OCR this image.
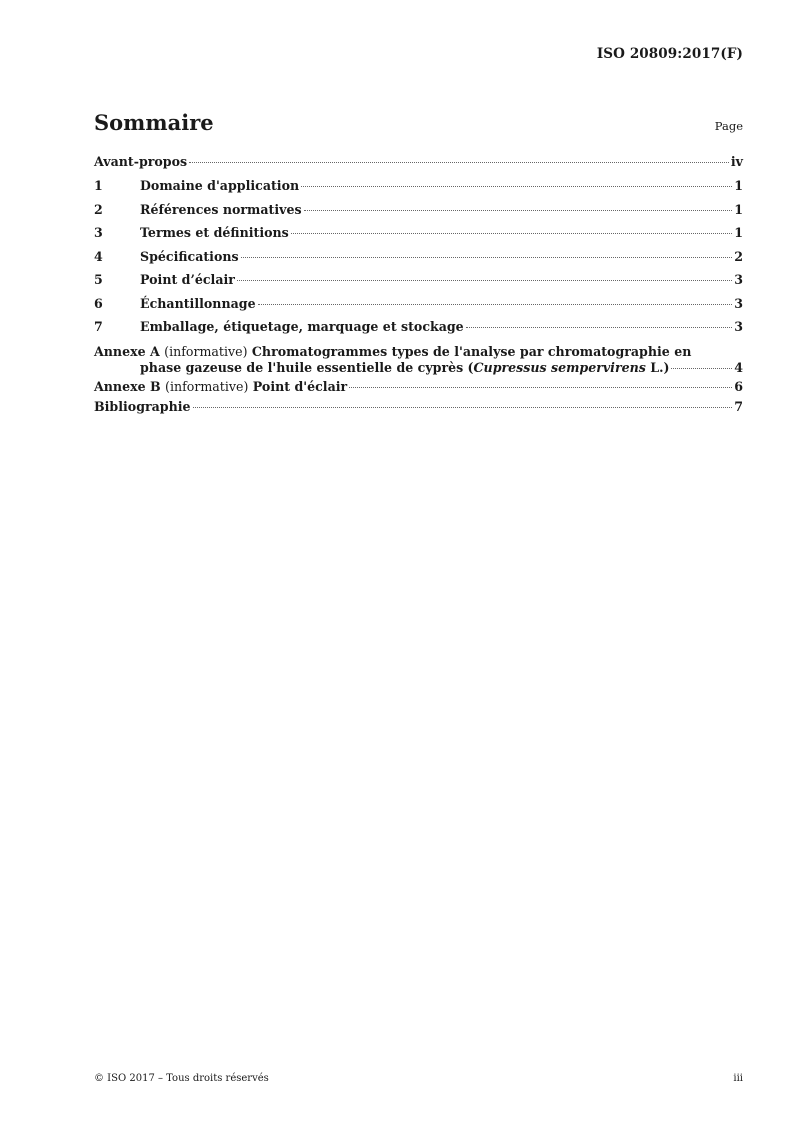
ISO 20809:2017(F)
Sommaire	Page
Avant-propos	iv
1	Domaine d'application	1
2	Références normatives	1
3	Termes et définitions	1
4	Spécifications	2
5	Point d’éclair	3
6	Échantillonnage	3
7	Emballage, étiquetage, marquage et stockage	3
Annexe A (informative) Chromatogrammes types de l'analyse par chromatographie en
phase gazeuse de l'huile essentielle de cyprès (Cupressus sempervirens L.)	4
Annexe B (informative) Point d'éclair	6
Bibliographie	7
© ISO 2017 – Tous droits réservés	iii
